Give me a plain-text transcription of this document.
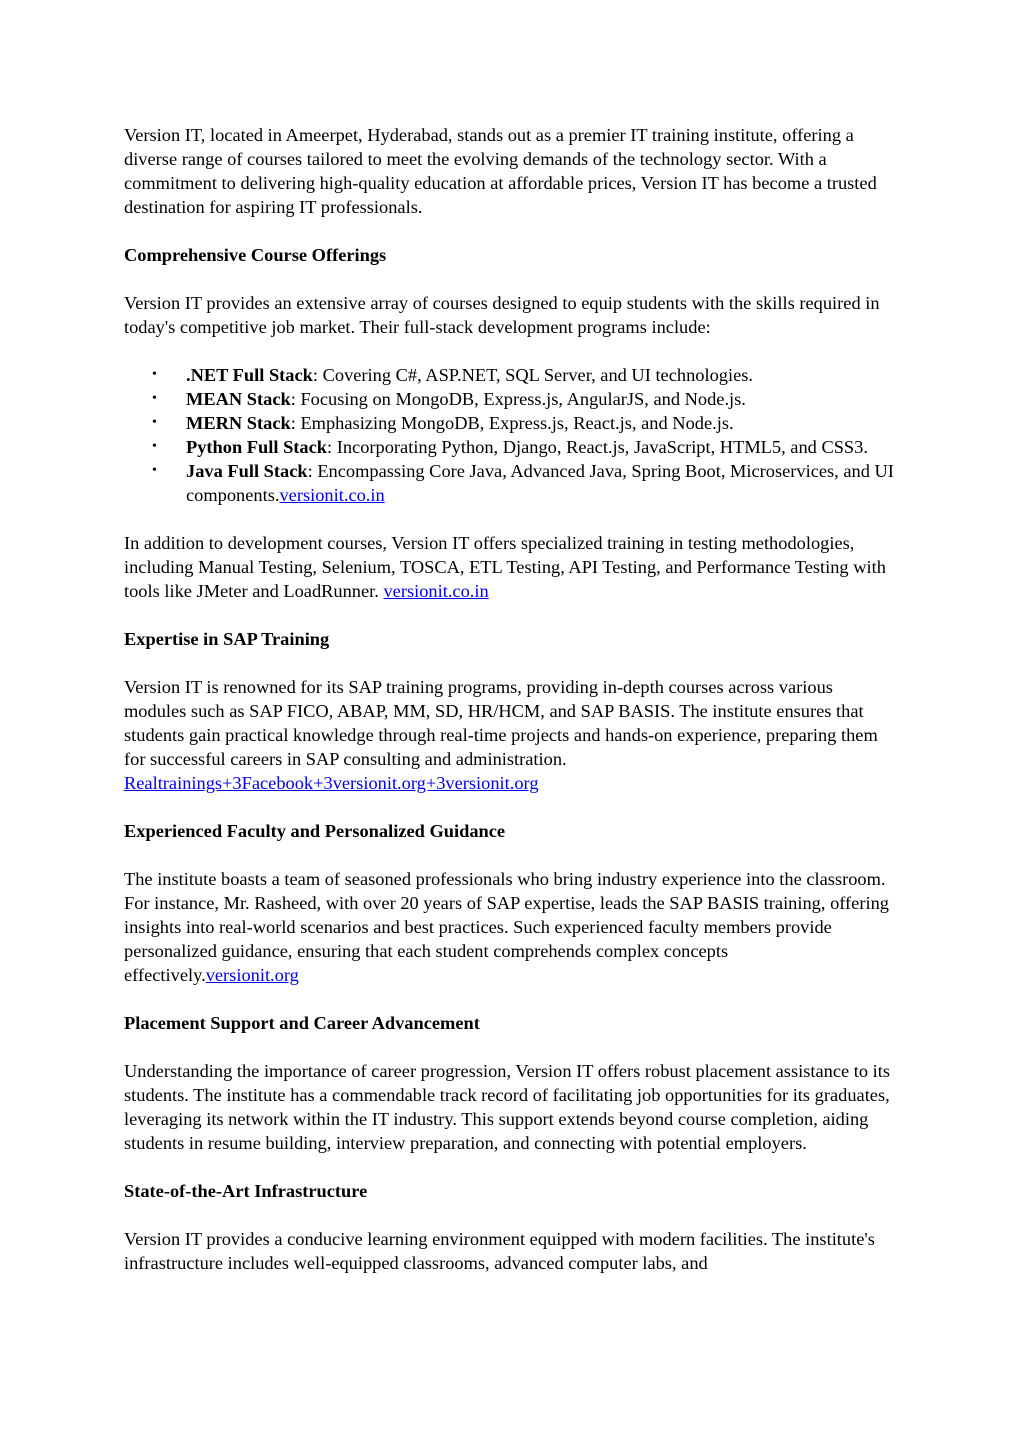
Version IT, located in Ameerpet, Hyderabad, stands out as a premier IT training institute, offering a diverse range of courses tailored to meet the evolving demands of the technology sector. With a commitment to delivering high-quality education at affordable prices, Version IT has become a trusted destination for aspiring IT professionals.

Comprehensive Course Offerings

Version IT provides an extensive array of courses designed to equip students with the skills required in today's competitive job market. Their full-stack development programs include:

• .NET Full Stack: Covering C#, ASP.NET, SQL Server, and UI technologies.
• MEAN Stack: Focusing on MongoDB, Express.js, AngularJS, and Node.js.
• MERN Stack: Emphasizing MongoDB, Express.js, React.js, and Node.js.
• Python Full Stack: Incorporating Python, Django, React.js, JavaScript, HTML5, and CSS3.
• Java Full Stack: Encompassing Core Java, Advanced Java, Spring Boot, Microservices, and UI components.versionit.co.in

In addition to development courses, Version IT offers specialized training in testing methodologies, including Manual Testing, Selenium, TOSCA, ETL Testing, API Testing, and Performance Testing with tools like JMeter and LoadRunner. versionit.co.in

Expertise in SAP Training

Version IT is renowned for its SAP training programs, providing in-depth courses across various modules such as SAP FICO, ABAP, MM, SD, HR/HCM, and SAP BASIS. The institute ensures that students gain practical knowledge through real-time projects and hands-on experience, preparing them for successful careers in SAP consulting and administration. Realtrainings+3Facebook+3versionit.org+3versionit.org

Experienced Faculty and Personalized Guidance

The institute boasts a team of seasoned professionals who bring industry experience into the classroom. For instance, Mr. Rasheed, with over 20 years of SAP expertise, leads the SAP BASIS training, offering insights into real-world scenarios and best practices. Such experienced faculty members provide personalized guidance, ensuring that each student comprehends complex concepts effectively.versionit.org

Placement Support and Career Advancement

Understanding the importance of career progression, Version IT offers robust placement assistance to its students. The institute has a commendable track record of facilitating job opportunities for its graduates, leveraging its network within the IT industry. This support extends beyond course completion, aiding students in resume building, interview preparation, and connecting with potential employers.

State-of-the-Art Infrastructure

Version IT provides a conducive learning environment equipped with modern facilities. The institute's infrastructure includes well-equipped classrooms, advanced computer labs, and
